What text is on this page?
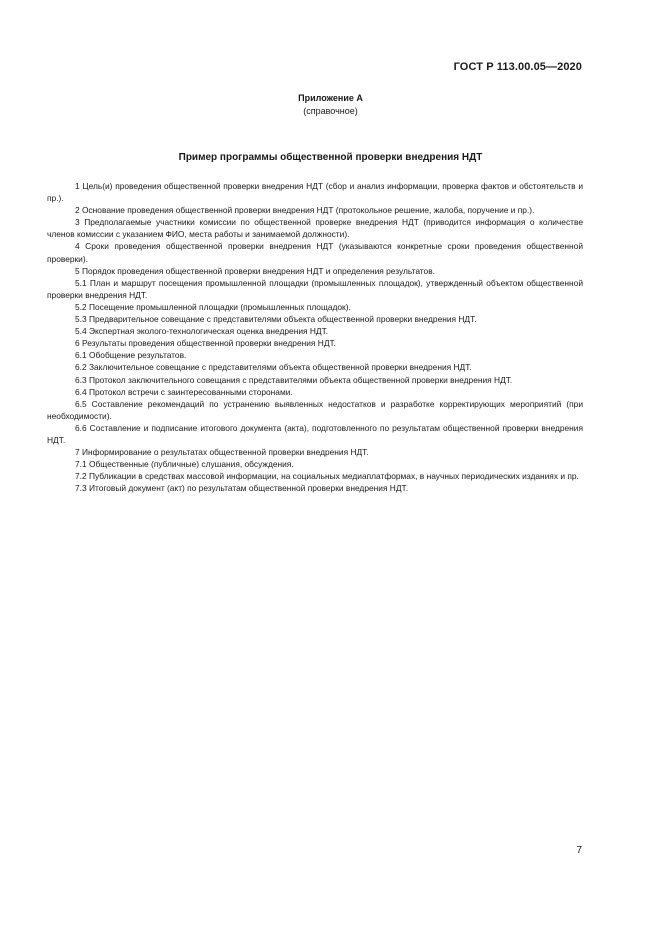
ГОСТ Р 113.00.05—2020
Приложение А
(справочное)
Пример программы общественной проверки внедрения НДТ

1 Цель(и) проведения общественной проверки внедрения НДТ (сбор и анализ информации, проверка фактов и обстоятельств и пр.).

2 Основание проведения общественной проверки внедрения НДТ (протокольное решение, жалоба, поручение и пр.).

3 Предполагаемые участники комиссии по общественной проверке внедрения НДТ (приводится информация о количестве членов комиссии с указанием ФИО, места работы и занимаемой должности).

4 Сроки проведения общественной проверки внедрения НДТ (указываются конкретные сроки проведения общественной проверки).

5 Порядок проведения общественной проверки внедрения НДТ и определения результатов.

5.1 План и маршрут посещения промышленной площадки (промышленных площадок), утвержденный объектом общественной проверки внедрения НДТ.

5.2 Посещение промышленной площадки (промышленных площадок).

5.3 Предварительное совещание с представителями объекта общественной проверки внедрения НДТ.

5.4 Экспертная эколого-технологическая оценка внедрения НДТ.

6 Результаты проведения общественной проверки внедрения НДТ.

6.1 Обобщение результатов.

6.2 Заключительное совещание с представителями объекта общественной проверки внедрения НДТ.

6.3 Протокол заключительного совещания с представителями объекта общественной проверки внедрения НДТ.

6.4 Протокол встречи с заинтересованными сторонами.

6.5 Составление рекомендаций по устранению выявленных недостатков и разработке корректирующих мероприятий (при необходимости).

6.6 Составление и подписание итогового документа (акта), подготовленного по результатам общественной проверки внедрения НДТ.

7 Информирование о результатах общественной проверки внедрения НДТ.

7.1 Общественные (публичные) слушания, обсуждения.

7.2 Публикации в средствах массовой информации, на социальных медиаплатформах, в научных периодических изданиях и пр.

7.3 Итоговый документ (акт) по результатам общественной проверки внедрения НДТ.

7
